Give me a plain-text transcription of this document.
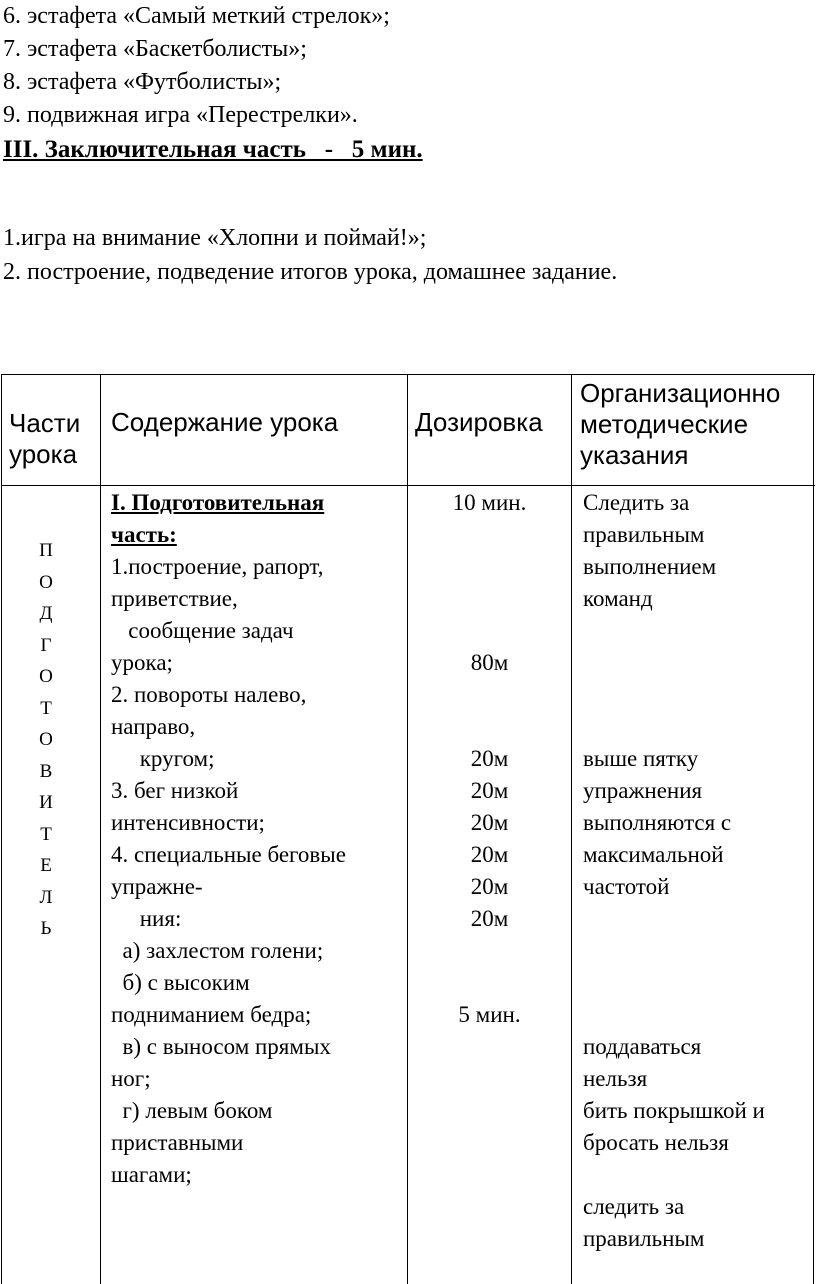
6. эстафета «Самый меткий стрелок»;
7. эстафета «Баскетболисты»;
8. эстафета «Футболисты»;
9. подвижная игра «Перестрелки».
III. Заключительная часть   -   5 мин.
1.игра на внимание «Хлопни и поймай!»;
2. построение, подведение итогов урока, домашнее задание.
Части
урока
Содержание урока	Дозировка
Организационно
методические
указания
I. Подготовительная
часть:
1.построение, рапорт,
приветствие,
сообщение задач
урока;
2. повороты налево,
направо,
кругом;
3. бег низкой
интенсивности;
4. специальные беговые
упражне-
ния:
а) захлестом голени;
б) с высоким
подниманием бедра;
в) с выносом прямых
ног;
г) левым боком
приставными
шагами;
10 мин.

80м

20м
20м
20м
20м
20м
20м

5 мин.
Следить за
правильным
выполнением
команд

выше пятку
упражнения
выполняются с
максимальной
частотой

поддаваться
нельзя
бить покрышкой и
бросать нельзя

следить за
правильным
П
О
Д
Г
О
Т
О
В
И
Т
Е
Л
Ь
